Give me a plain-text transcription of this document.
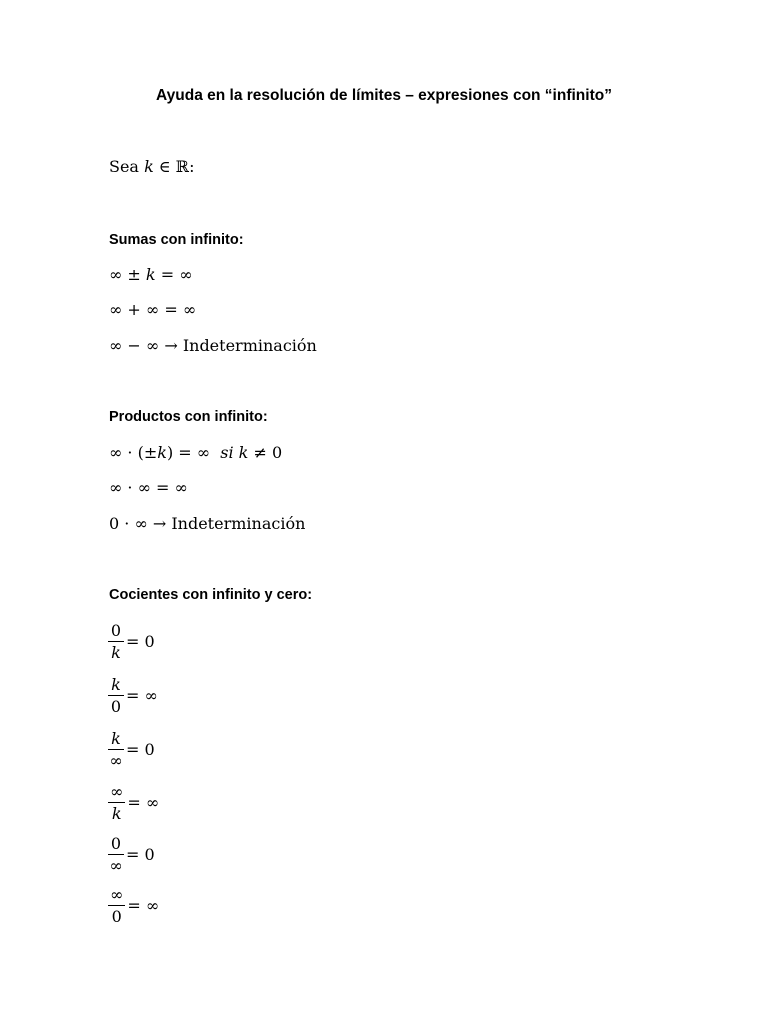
Ayuda en la resolución de límites – expresiones con “infinito”
Sea k ∈ ℝ:
Sumas con infinito:
∞ ± k = ∞
∞ + ∞ = ∞
∞ − ∞ → Indeterminación
Productos con infinito:
∞ · (±k) = ∞  si k ≠ 0
∞ · ∞ = ∞
0 · ∞ → Indeterminación
Cocientes con infinito y cero:
$\frac{0}{k} = 0$
$\frac{k}{0}$ = ∞
$\frac{k}{\infty} = 0$
$\frac{\infty}{k}$ = ∞
$\frac{0}{\infty} = 0$
$\frac{\infty}{0}$ = ∞
